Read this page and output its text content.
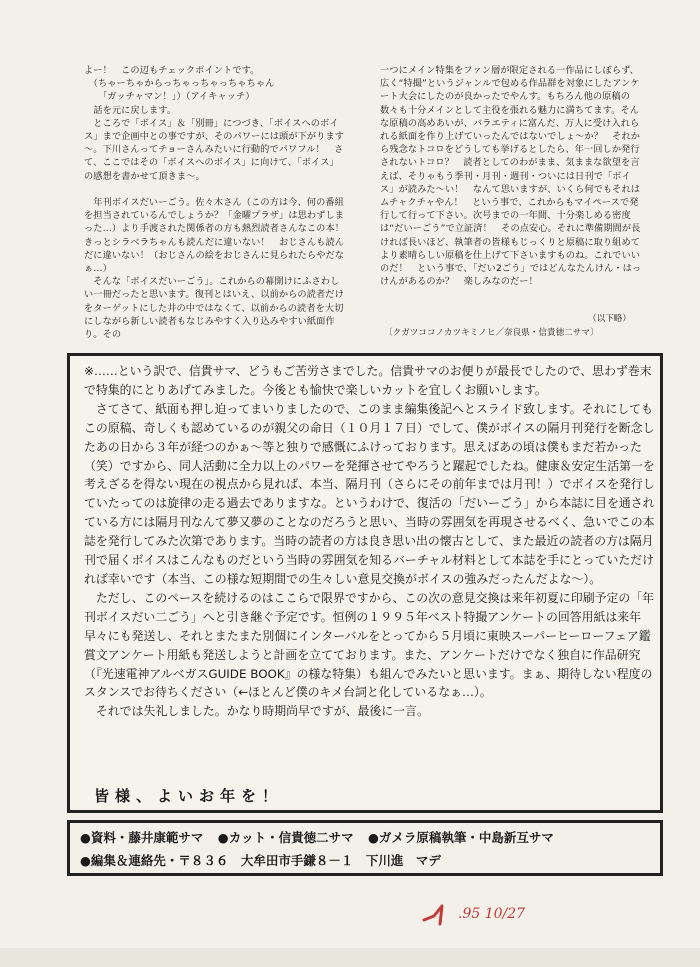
よー！　この辺もチェックポイントです。
　（ちゃーちゃからっちゃっちゃっちゃちゃん
　　「ガッチャマン！」）（アイキャッチ）
　話を元に戻します。
　ところで「ボイス」＆「別冊」につづき、「ボイスへのボイス」まで企画中との事ですが、そのパワーには頭が下がります～。下川さんってチョーさんみたいに行動的でパワフル！　さて、ここではその「ボイスへのボイス」に向けて、「ボイス」の感想を書かせて頂きま～。

　年刊ボイスだいーごう。佐々木さん（この方は今、何の番組を担当されているんでしょうか？「金曜プラザ」は思わずしまった…）より手渡された関係者の方も熱烈読者さんなこの本！　きっとシラベラちゃんも読んだに違いない！　おじさんも読んだに違いない！（おじさんの絵をおじさんに見られたらやだなぁ…）
　そんな「ボイスだいーごう」。これからの幕開けにふさわしい一冊だったと思います。復刊とはいえ、以前からの読者だけをターゲットにした井の中ではなくて、以前からの読者を大切にしながら新しい読者もなじみやすく入り込みやすい紙面作り。その
一つにメイン特集をファン層が限定される一作品にしぼらず、広く“特撮”というジャンルで包める作品群を対象にしたアンケート大会にしたのが良かったでやんす。もちろん他の原稿の数々も十分メインとして主役を張れる魅力に満ちてます。そんな原稿の高めあいが、バラエティに富んだ、万人に受け入れられる紙面を作り上げていったんではないでしょ～か？　それから残念なトコロをどうしても挙げるとしたら、年一回しか発行されないトコロ？　読者としてのわがまま、気ままな欲望を言えば、そりゃもう季刊・月刊・週刊・ついには日刊で「ボイス」が読みた～い！　なんて思いますが、いくら何でもそれはムチャクチャやん！　という事で、これからもマイペースで発行して行って下さい。次号までの一年間、十分楽しめる密度は“だいーごう”で立証済！　その点安心。それに準備期間が長ければ長いほど、執筆者の皆様もじっくりと原稿に取り組めてより素晴らしい原稿を仕上げて下さいますものね。これでいいのだ！　という事で、「だい2ごう」ではどんなたんけん・はっけんがあるのか？　楽しみなのだー！
（以下略）
〔クガツココノカツキミノヒ／奈良県・信貴徳二サマ〕
※……という訳で、信貴サマ、どうもご苦労さまでした。信貴サマのお便りが最長でしたので、思わず巻末で特集的にとりあげてみました。今後とも愉快で楽しいカットを宜しくお願いします。
　さてさて、紙面も押し迫ってまいりましたので、このまま編集後記へとスライド致します。それにしてもこの原稿、奇しくも認めているのが親父の命日（１０月１７日）でして、僕がボイスの隔月刊発行を断念したあの日から３年が経つのかぁ～等と独りで感慨にふけっております。思えばあの頃は僕もまだ若かった（笑）ですから、同人活動に全力以上のパワーを発揮させてやろうと躍起でしたね。健康＆安定生活第一を考えざるを得ない現在の視点から見れば、本当、隔月刊（さらにその前年までは月刊！）でボイスを発行していたってのは旋律の走る過去でありますな。というわけで、復活の「だいーごう」から本誌に目を通されている方には隔月刊なんて夢又夢のことなのだろうと思い、当時の雰囲気を再現させるべく、急いでこの本誌を発行してみた次第であります。当時の読者の方は良き思い出の懐古として、また最近の読者の方は隔月刊で届くボイスはこんなものだという当時の雰囲気を知るバーチャル材料として本誌を手にとっていただければ幸いです（本当、この様な短期間での生々しい意見交換がボイスの強みだったんだよな～）。
　ただし、このペースを続けるのはここらで限界ですから、この次の意見交換は来年初夏に印刷予定の「年刊ボイスだい二ごう」へと引き継ぐ予定です。恒例の１９９５年ベスト特撮アンケートの回答用紙は来年早々にも発送し、それとまたまた別個にインターバルをとってから５月頃に東映スーパーヒーローフェア鑑賞文アンケート用紙も発送しようと計画を立てております。また、アンケートだけでなく独自に作品研究（『光速電神アルベガスGUIDE BOOK』の様な特集）も組んでみたいと思います。まぁ、期待しない程度のスタンスでお待ちください（←ほとんど僕のキメ台詞と化しているなぁ…）。
　それでは失礼しました。かなり時期尚早ですが、最後に一言。
皆様、よいお年を！
●資料・藤井康範サマ ●カット・信貴徳二サマ ●ガメラ原稿執筆・中島新互サマ
●編集＆連絡先・〒８３６　大牟田市手鎌８－１　下川進　マデ
.95 10/27
